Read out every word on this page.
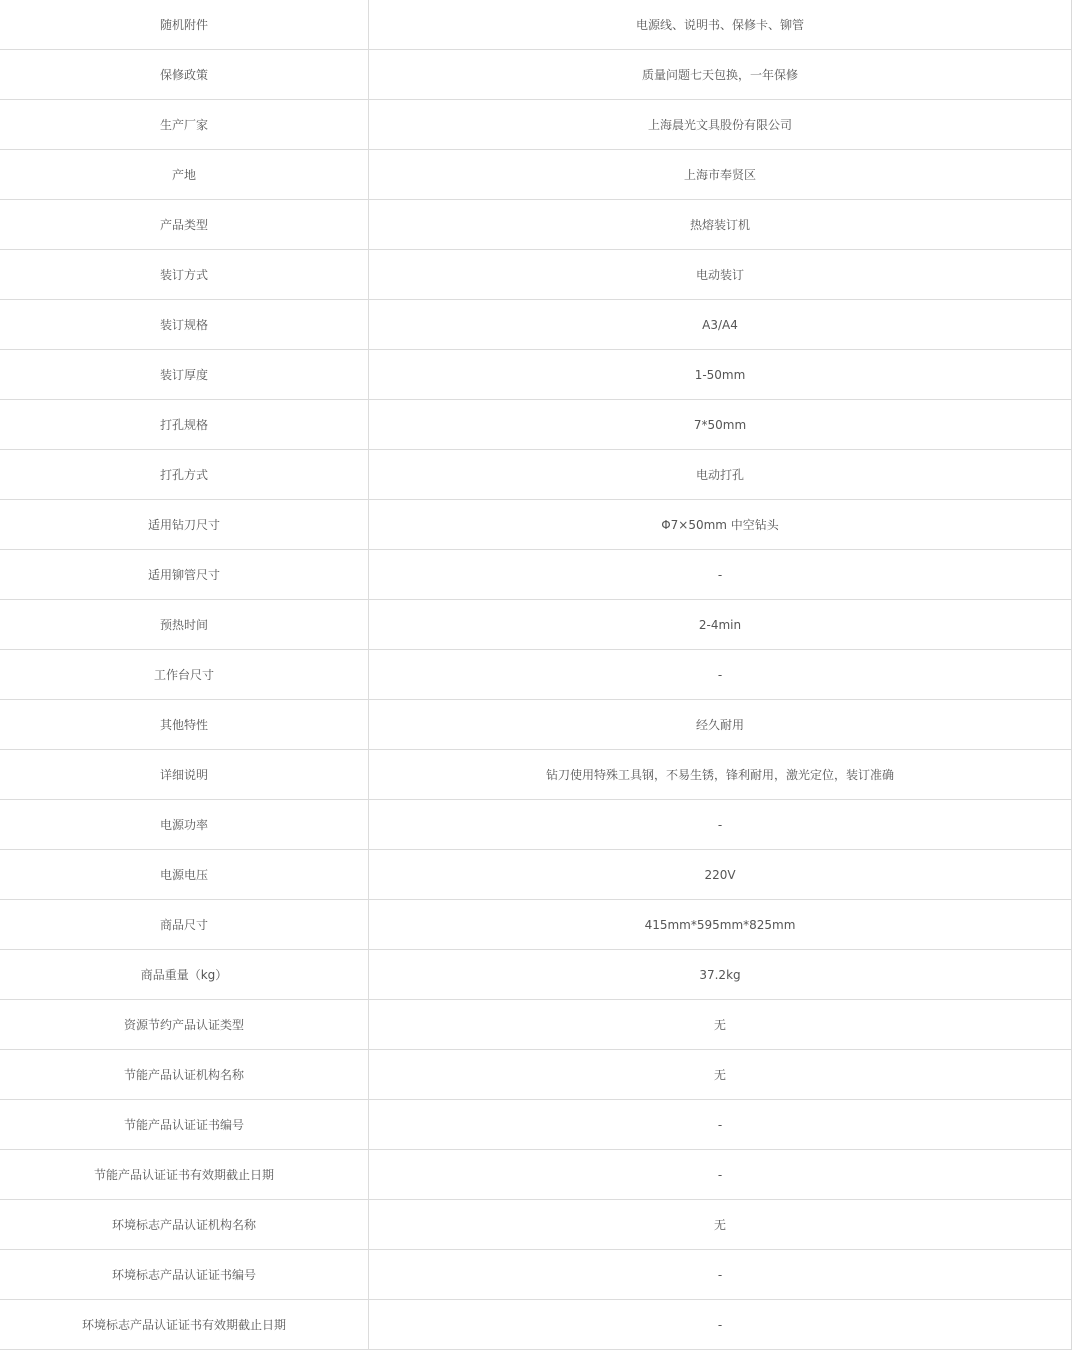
随机附件	电源线、说明书、保修卡、铆管
保修政策	质量问题七天包换，一年保修
生产厂家	上海晨光文具股份有限公司
产地	上海市奉贤区
产品类型	热熔装订机
装订方式	电动装订
装订规格	A3/A4
装订厚度	1-50mm
打孔规格	7*50mm
打孔方式	电动打孔
适用钻刀尺寸	Φ7×50mm 中空钻头
适用铆管尺寸	-
预热时间	2-4min
工作台尺寸	-
其他特性	经久耐用
详细说明	钻刀使用特殊工具钢，不易生锈，锋利耐用，激光定位，装订准确
电源功率	-
电源电压	220V
商品尺寸	415mm*595mm*825mm
商品重量（kg）	37.2kg
资源节约产品认证类型	无
节能产品认证机构名称	无
节能产品认证证书编号	-
节能产品认证证书有效期截止日期	-
环境标志产品认证机构名称	无
环境标志产品认证证书编号	-
环境标志产品认证证书有效期截止日期	-
